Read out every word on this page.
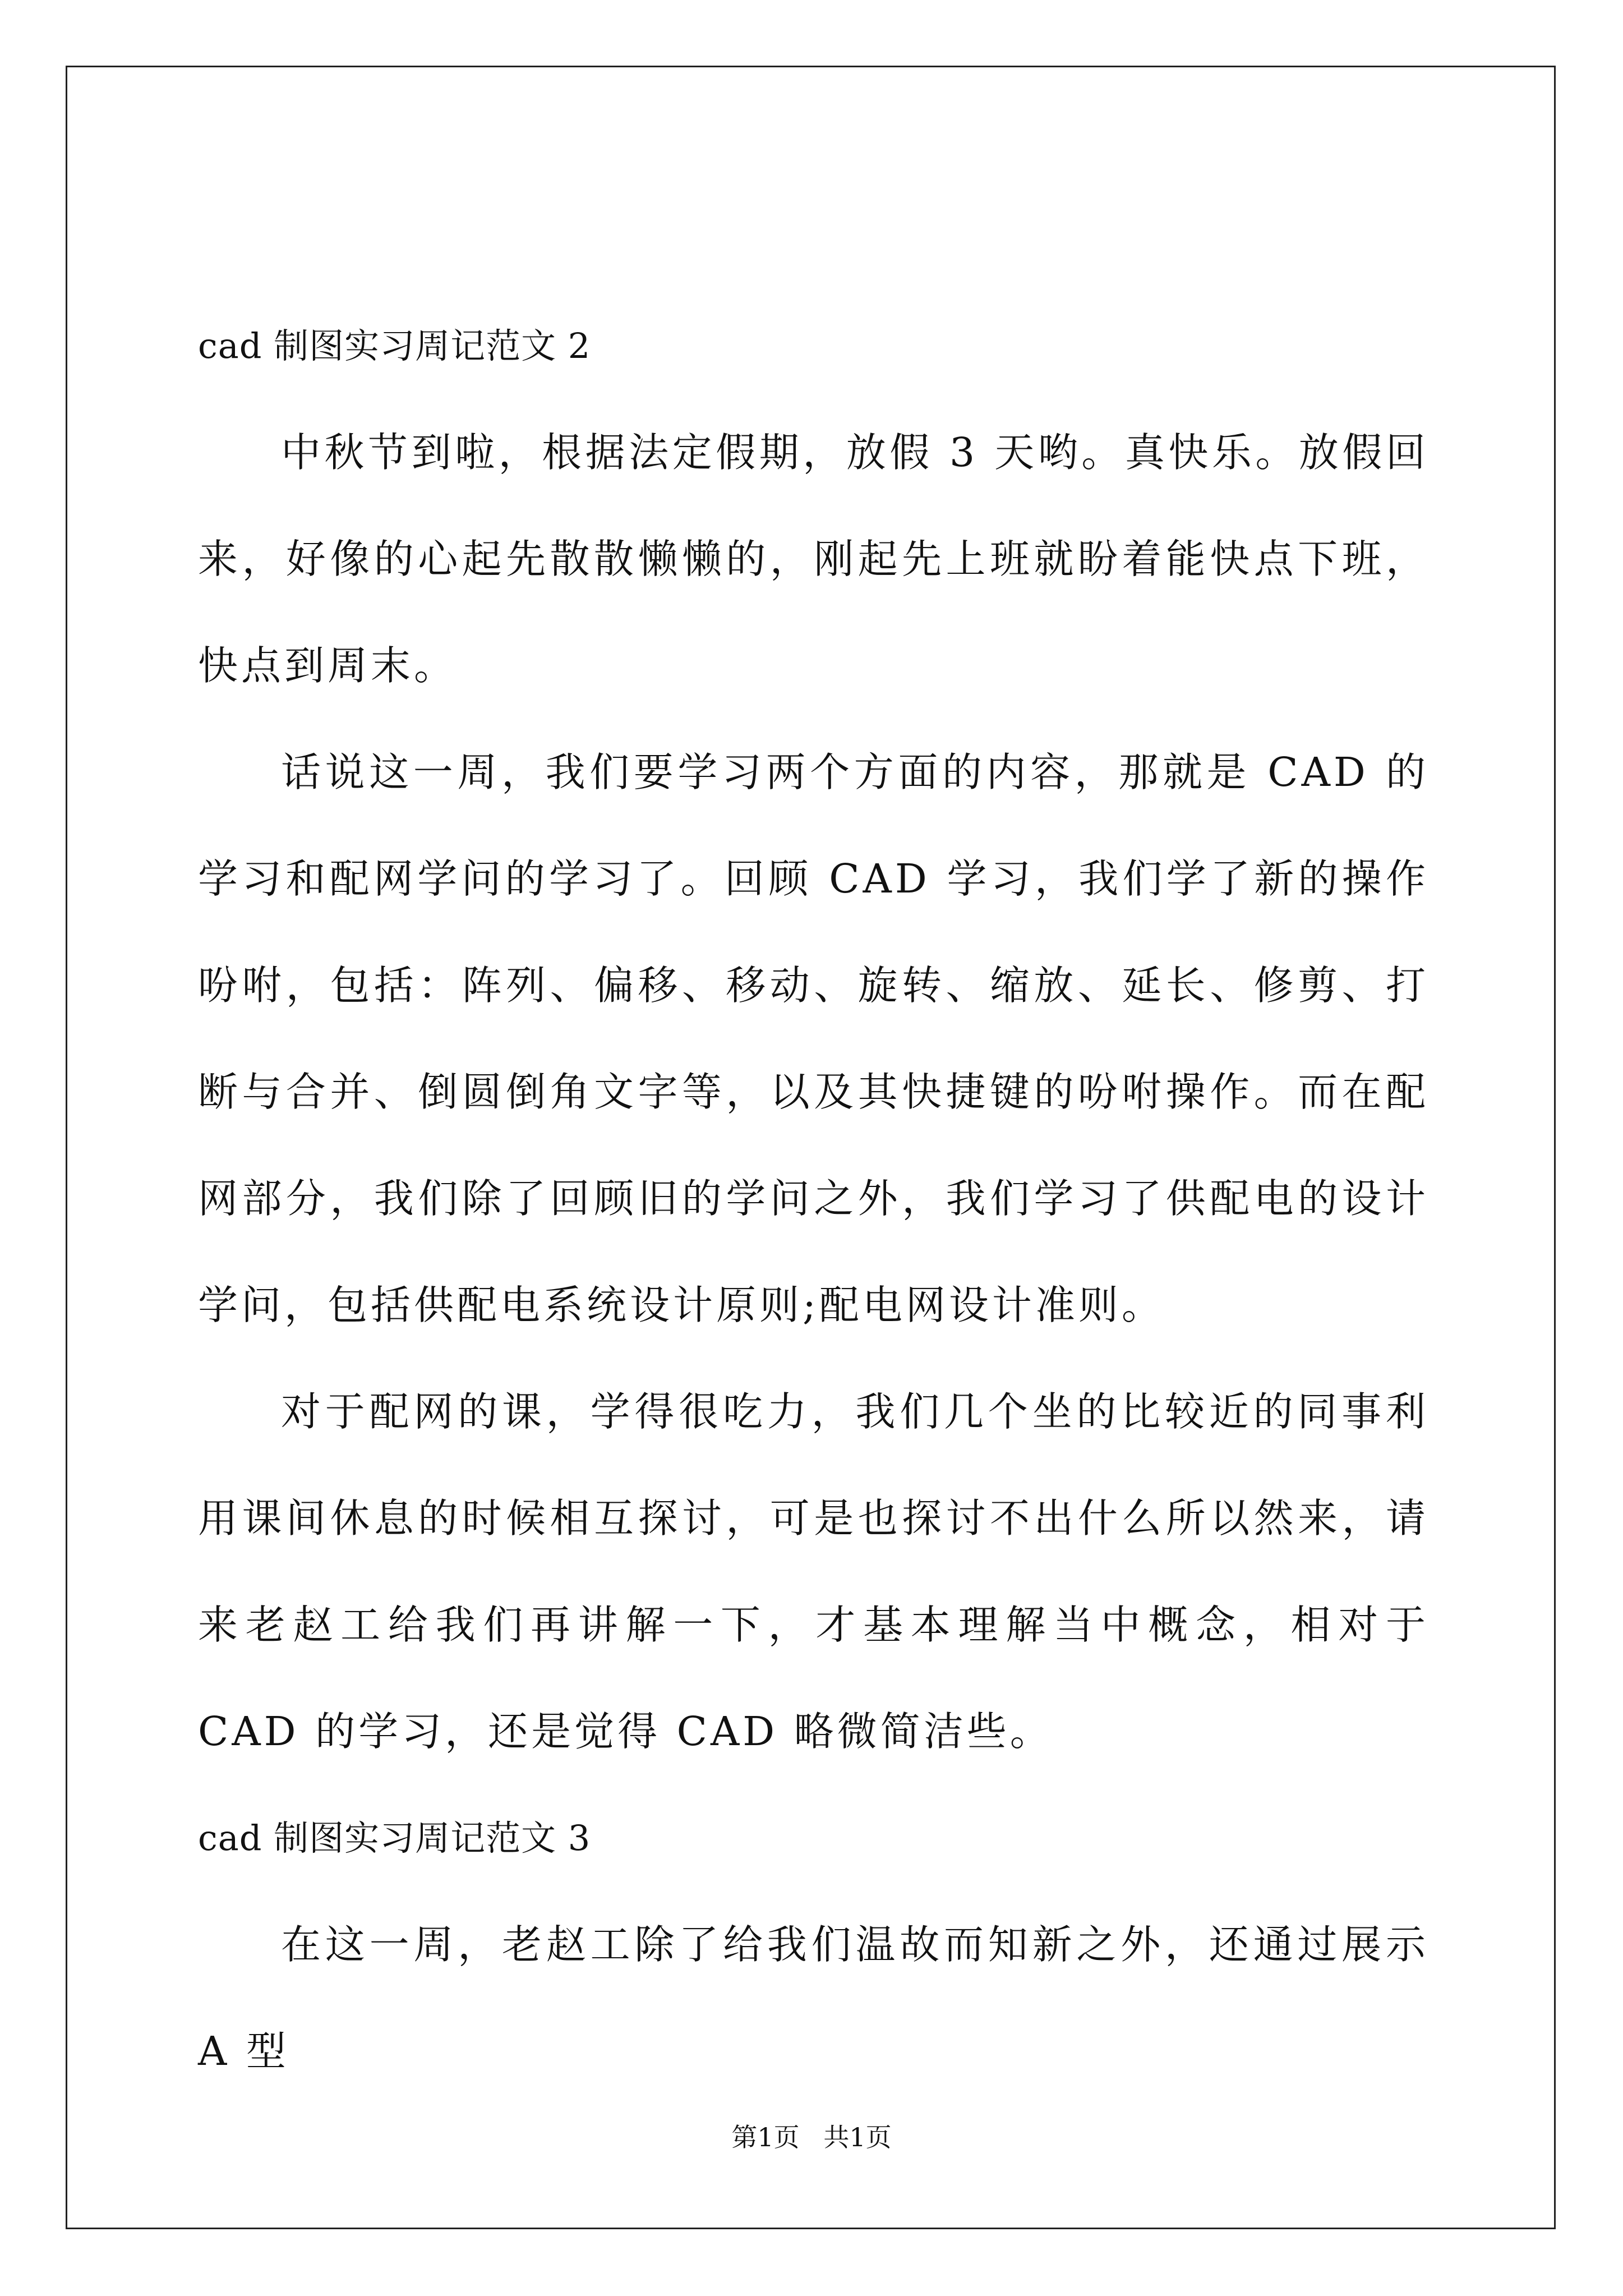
cad 制图实习周记范文 2

中秋节到啦，根据法定假期，放假 3 天哟。真快乐。放假回来，好像的心起先散散懒懒的，刚起先上班就盼着能快点下班，快点到周末。

话说这一周，我们要学习两个方面的内容，那就是 CAD 的学习和配网学问的学习了。回顾 CAD 学习，我们学了新的操作吩咐，包括：阵列、偏移、移动、旋转、缩放、延长、修剪、打断与合并、倒圆倒角文字等，以及其快捷键的吩咐操作。而在配网部分，我们除了回顾旧的学问之外，我们学习了供配电的设计学问，包括供配电系统设计原则;配电网设计准则。

对于配网的课，学得很吃力，我们几个坐的比较近的同事利用课间休息的时候相互探讨，可是也探讨不出什么所以然来，请来老赵工给我们再讲解一下，才基本理解当中概念，相对于 CAD 的学习，还是觉得 CAD 略微简洁些。

cad 制图实习周记范文 3

在这一周，老赵工除了给我们温故而知新之外，还通过展示 A 型

第1页 共1页
